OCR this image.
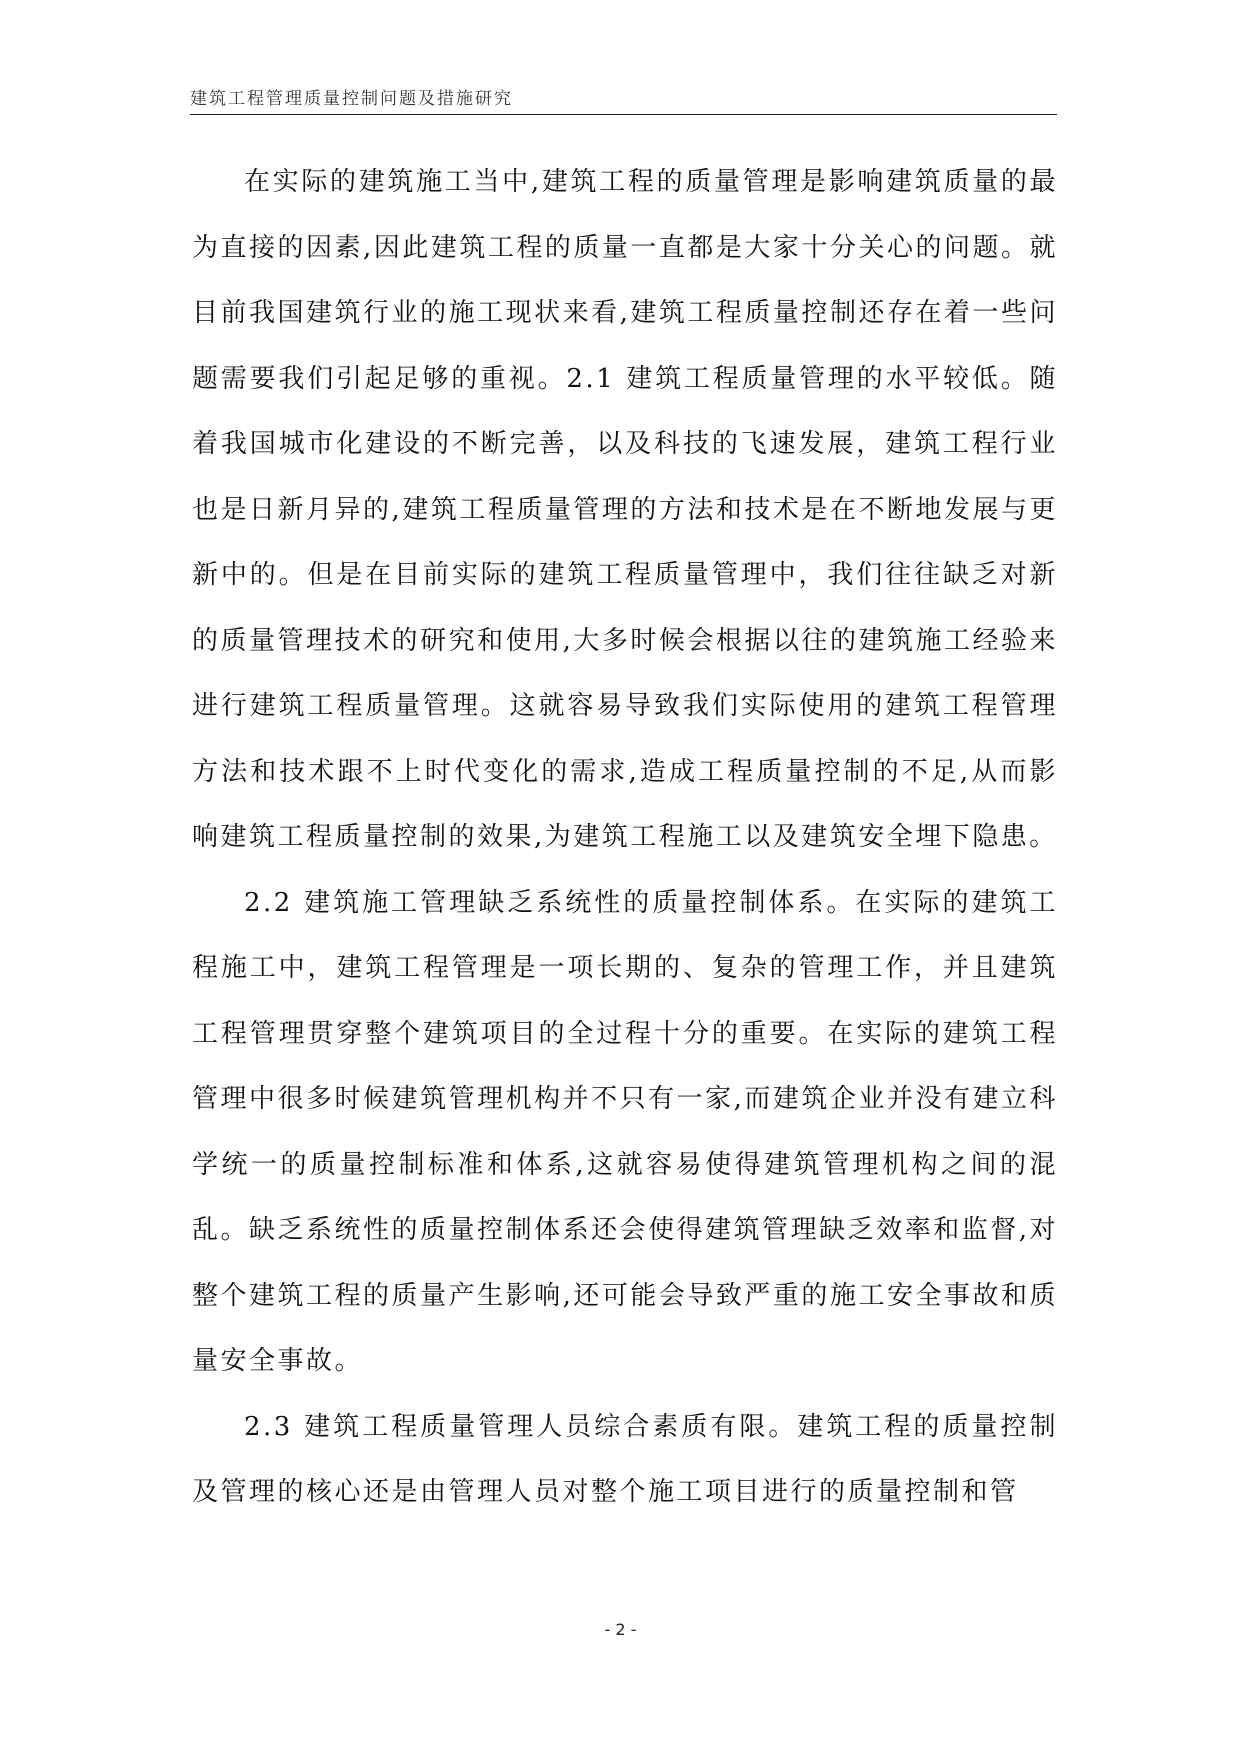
建筑工程管理质量控制问题及措施研究

在实际的建筑施工当中,建筑工程的质量管理是影响建筑质量的最为直接的因素,因此建筑工程的质量一直都是大家十分关心的问题。就目前我国建筑行业的施工现状来看,建筑工程质量控制还存在着一些问题需要我们引起足够的重视。2.1 建筑工程质量管理的水平较低。随着我国城市化建设的不断完善，以及科技的飞速发展，建筑工程行业也是日新月异的,建筑工程质量管理的方法和技术是在不断地发展与更新中的。但是在目前实际的建筑工程质量管理中，我们往往缺乏对新的质量管理技术的研究和使用,大多时候会根据以往的建筑施工经验来进行建筑工程质量管理。这就容易导致我们实际使用的建筑工程管理方法和技术跟不上时代变化的需求,造成工程质量控制的不足,从而影响建筑工程质量控制的效果,为建筑工程施工以及建筑安全埋下隐患。

2.2 建筑施工管理缺乏系统性的质量控制体系。在实际的建筑工程施工中，建筑工程管理是一项长期的、复杂的管理工作，并且建筑工程管理贯穿整个建筑项目的全过程十分的重要。在实际的建筑工程管理中很多时候建筑管理机构并不只有一家,而建筑企业并没有建立科学统一的质量控制标准和体系,这就容易使得建筑管理机构之间的混乱。缺乏系统性的质量控制体系还会使得建筑管理缺乏效率和监督,对整个建筑工程的质量产生影响,还可能会导致严重的施工安全事故和质量安全事故。

2.3 建筑工程质量管理人员综合素质有限。建筑工程的质量控制及管理的核心还是由管理人员对整个施工项目进行的质量控制和管

- 2 -
